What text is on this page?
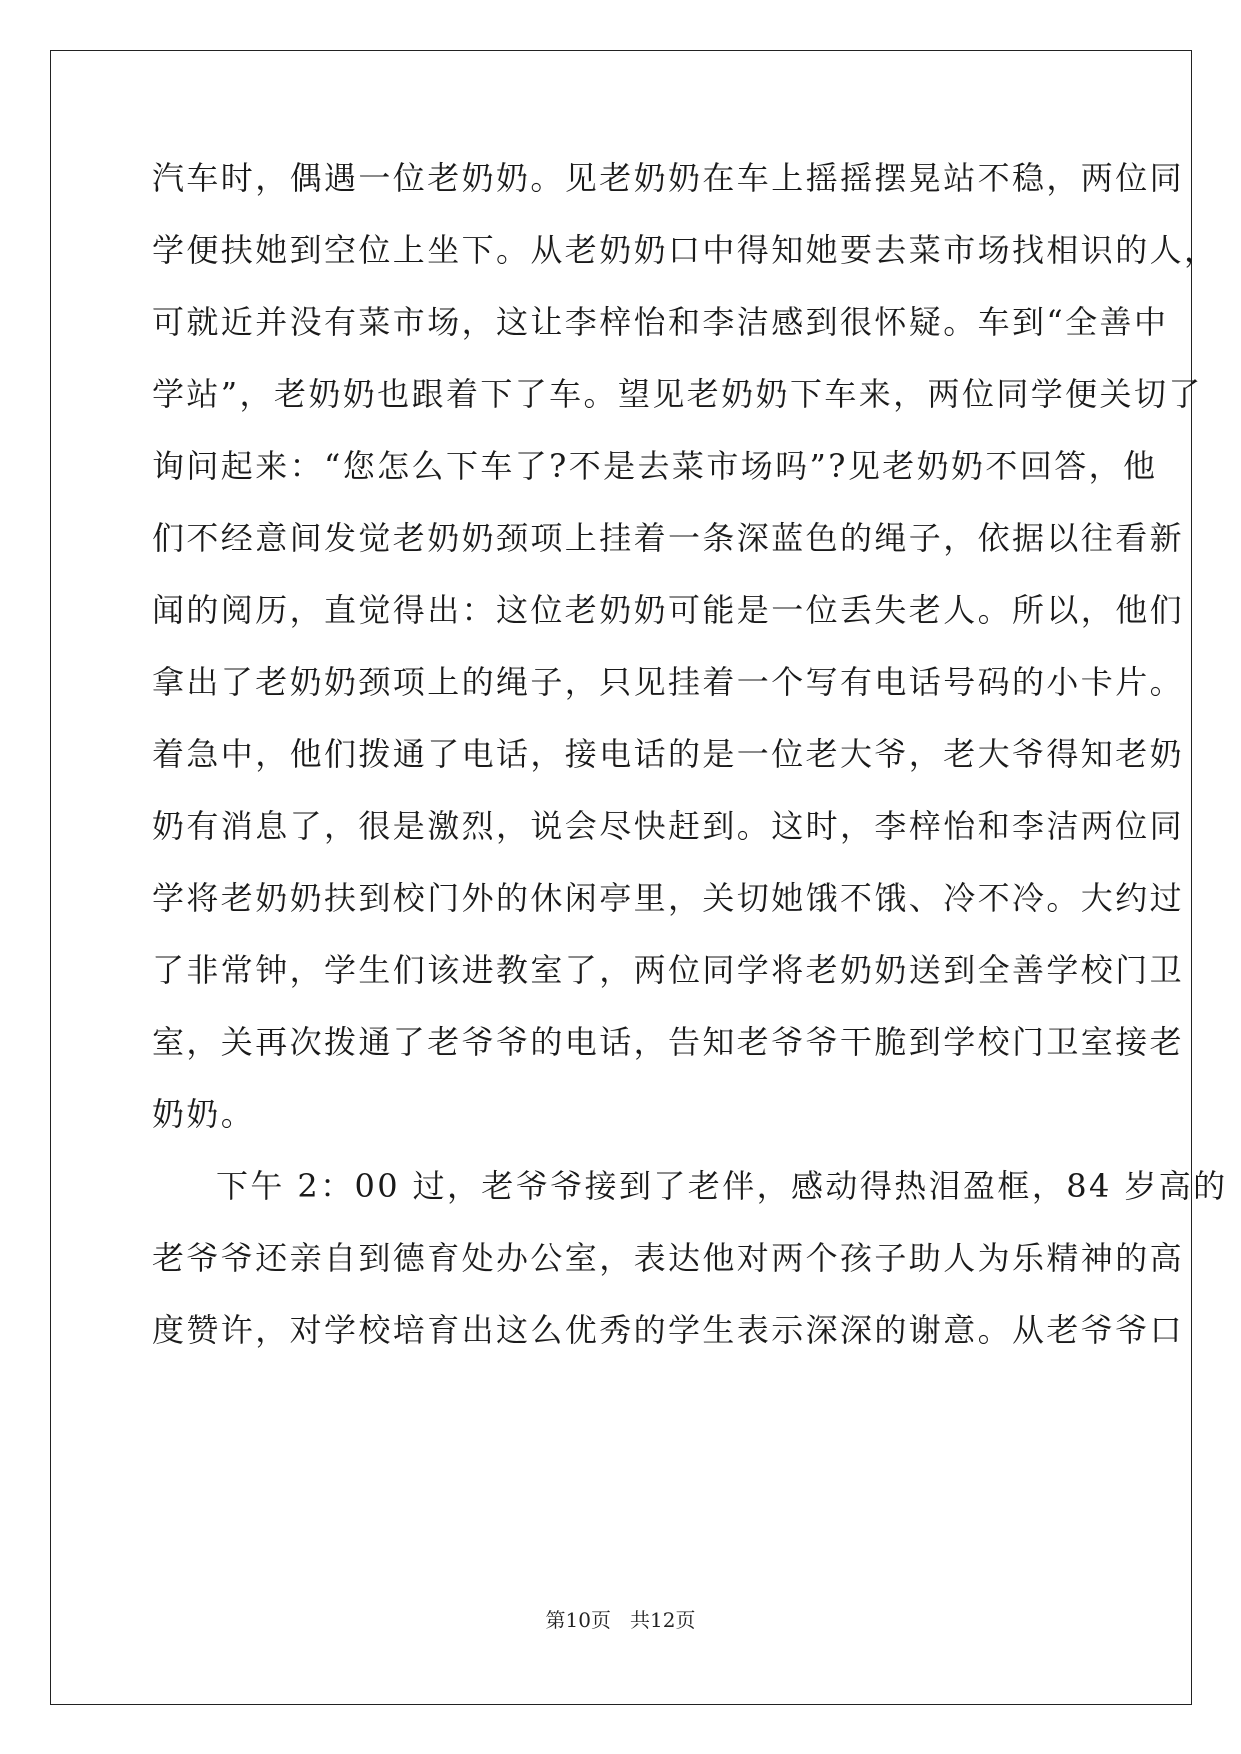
汽车时，偶遇一位老奶奶。见老奶奶在车上摇摇摆晃站不稳，两位同
学便扶她到空位上坐下。从老奶奶口中得知她要去菜市场找相识的人，
可就近并没有菜市场，这让李梓怡和李洁感到很怀疑。车到“全善中
学站”，老奶奶也跟着下了车。望见老奶奶下车来，两位同学便关切了
询问起来：“您怎么下车了?不是去菜市场吗”?见老奶奶不回答，他
们不经意间发觉老奶奶颈项上挂着一条深蓝色的绳子，依据以往看新
闻的阅历，直觉得出：这位老奶奶可能是一位丢失老人。所以，他们
拿出了老奶奶颈项上的绳子，只见挂着一个写有电话号码的小卡片。
着急中，他们拨通了电话，接电话的是一位老大爷，老大爷得知老奶
奶有消息了，很是激烈，说会尽快赶到。这时，李梓怡和李洁两位同
学将老奶奶扶到校门外的休闲亭里，关切她饿不饿、冷不冷。大约过
了非常钟，学生们该进教室了，两位同学将老奶奶送到全善学校门卫
室，关再次拨通了老爷爷的电话，告知老爷爷干脆到学校门卫室接老
奶奶。
下午 2：00 过，老爷爷接到了老伴，感动得热泪盈框，84 岁高的
老爷爷还亲自到德育处办公室，表达他对两个孩子助人为乐精神的高
度赞许，对学校培育出这么优秀的学生表示深深的谢意。从老爷爷口
第10页 共12页
